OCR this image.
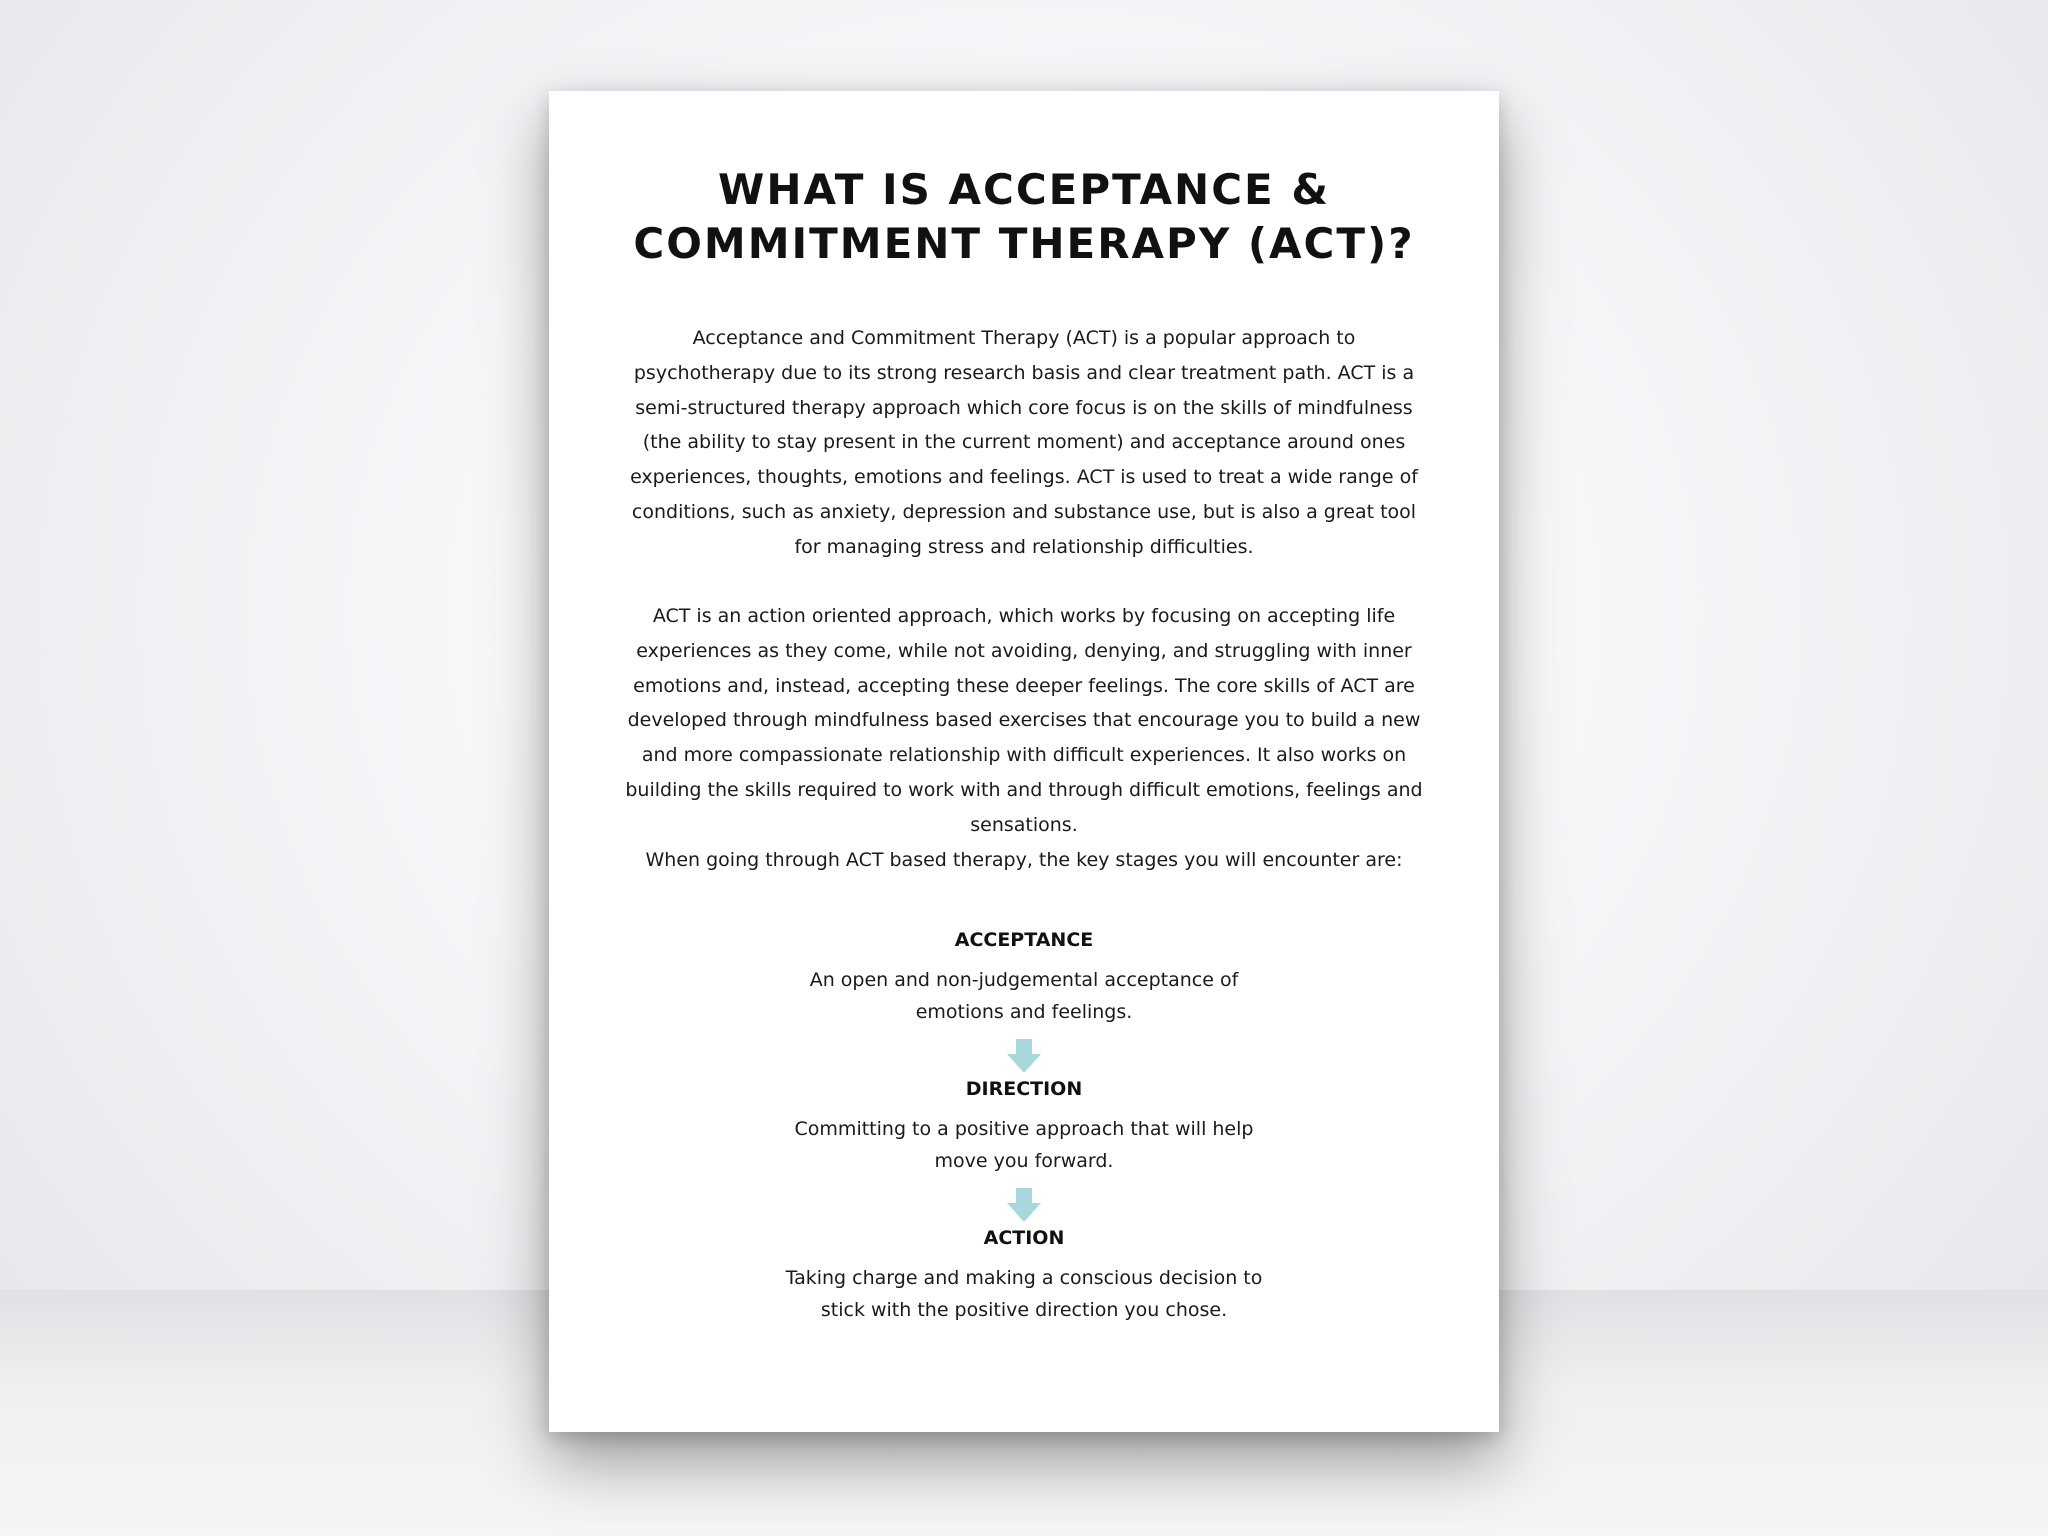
WHAT IS ACCEPTANCE &
COMMITMENT THERAPY (ACT)?

Acceptance and Commitment Therapy (ACT) is a popular approach to psychotherapy due to its strong research basis and clear treatment path. ACT is a semi-structured therapy approach which core focus is on the skills of mindfulness (the ability to stay present in the current moment) and acceptance around ones experiences, thoughts, emotions and feelings. ACT is used to treat a wide range of conditions, such as anxiety, depression and substance use, but is also a great tool for managing stress and relationship difficulties.

ACT is an action oriented approach, which works by focusing on accepting life experiences as they come, while not avoiding, denying, and struggling with inner emotions and, instead, accepting these deeper feelings. The core skills of ACT are developed through mindfulness based exercises that encourage you to build a new and more compassionate relationship with difficult experiences. It also works on building the skills required to work with and through difficult emotions, feelings and sensations.

When going through ACT based therapy, the key stages you will encounter are:

ACCEPTANCE

An open and non-judgemental acceptance of emotions and feelings.

DIRECTION

Committing to a positive approach that will help move you forward.

ACTION

Taking charge and making a conscious decision to stick with the positive direction you chose.
